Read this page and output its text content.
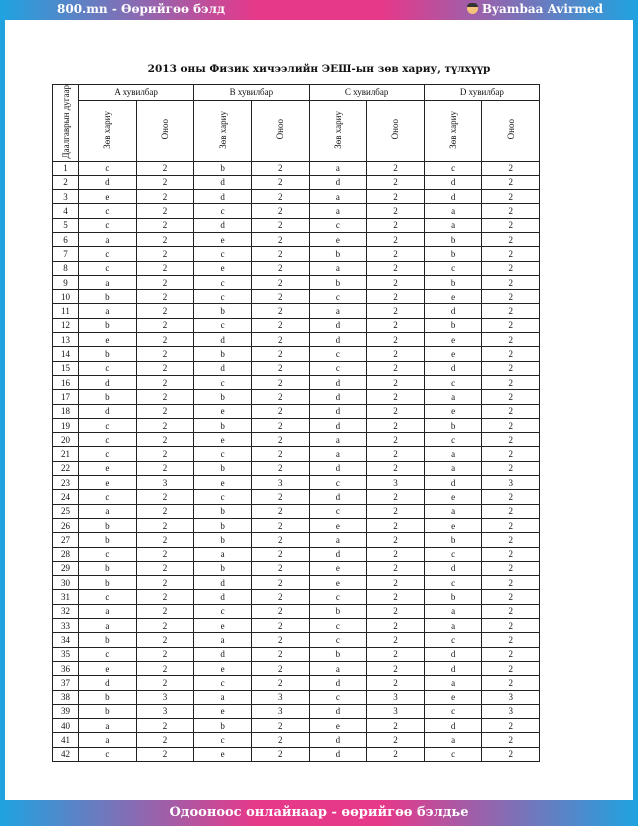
800.mn - Өөрийгөө бэлд	Byambaa Avirmed
2013 оны Физик хичээлийн ЭЕШ-ын зөв хариу, түлхүүр
Даалгаврын дугаар	A хувилбар		B хувилбар		C хувилбар		D хувилбар	
	Зөв хариу	Оноо	Зөв хариу	Оноо	Зөв хариу	Оноо	Зөв хариу	Оноо
1	c	2	b	2	a	2	c	2
2	d	2	d	2	d	2	d	2
3	e	2	d	2	a	2	d	2
4	c	2	c	2	a	2	a	2
5	c	2	d	2	c	2	a	2
6	a	2	e	2	e	2	b	2
7	c	2	c	2	b	2	b	2
8	c	2	e	2	a	2	c	2
9	a	2	c	2	b	2	b	2
10	b	2	c	2	c	2	e	2
11	a	2	b	2	a	2	d	2
12	b	2	c	2	d	2	b	2
13	e	2	d	2	d	2	e	2
14	b	2	b	2	c	2	e	2
15	c	2	d	2	c	2	d	2
16	d	2	c	2	d	2	c	2
17	b	2	b	2	d	2	a	2
18	d	2	e	2	d	2	e	2
19	c	2	b	2	d	2	b	2
20	c	2	e	2	a	2	c	2
21	c	2	c	2	a	2	a	2
22	e	2	b	2	d	2	a	2
23	e	3	e	3	c	3	d	3
24	c	2	c	2	d	2	e	2
25	a	2	b	2	c	2	a	2
26	b	2	b	2	e	2	e	2
27	b	2	b	2	a	2	b	2
28	c	2	a	2	d	2	c	2
29	b	2	b	2	e	2	d	2
30	b	2	d	2	e	2	c	2
31	c	2	d	2	c	2	b	2
32	a	2	c	2	b	2	a	2
33	a	2	e	2	c	2	a	2
34	b	2	a	2	c	2	c	2
35	c	2	d	2	b	2	d	2
36	e	2	e	2	a	2	d	2
37	d	2	c	2	d	2	a	2
38	b	3	a	3	c	3	e	3
39	b	3	e	3	d	3	c	3
40	a	2	b	2	e	2	d	2
41	a	2	c	2	d	2	a	2
42	c	2	e	2	d	2	c	2
Одооноос онлайнаар - өөрийгөө бэлдье
